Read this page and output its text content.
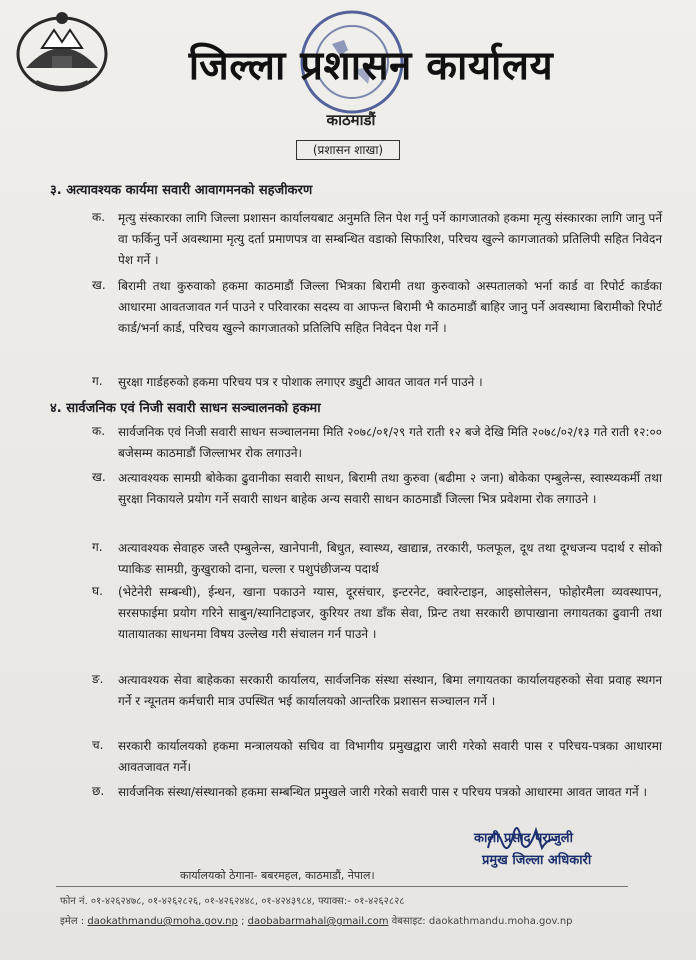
जिल्ला प्रशासन कार्यालय
काठमाडौं
(प्रशासन शाखा)
३. अत्यावश्यक कार्यमा सवारी आवागमनको सहजीकरण
क.	मृत्यु संस्कारका लागि जिल्ला प्रशासन कार्यालयबाट अनुमति लिन पेश गर्नु पर्ने कागजातको हकमा मृत्यु संस्कारका लागि जानु पर्ने वा फर्किनु पर्ने अवस्थामा मृत्यु दर्ता प्रमाणपत्र वा सम्बन्धित वडाको सिफारिश, परिचय खुल्ने कागजातको प्रतिलिपी सहित निवेदन पेश गर्ने ।
ख.	बिरामी तथा कुरुवाको हकमा काठमाडौं जिल्ला भित्रका बिरामी तथा कुरुवाको अस्पतालको भर्ना कार्ड वा रिपोर्ट कार्डका आधारमा आवतजावत गर्न पाउने र परिवारका सदस्य वा आफन्त बिरामी भै काठमाडौं बाहिर जानु पर्ने अवस्थामा बिरामीको रिपोर्ट कार्ड/भर्ना कार्ड, परिचय खुल्ने कागजातको प्रतिलिपि सहित निवेदन पेश गर्ने ।
ग.	सुरक्षा गार्डहरुको हकमा परिचय पत्र र पोशाक लगाएर ड्युटी आवत जावत गर्न पाउने ।
४. सार्वजनिक एवं निजी सवारी साधन सञ्चालनको हकमा
क.	सार्वजनिक एवं निजी सवारी साधन सञ्चालनमा मिति २०७८/०१/२९ गते राती १२ बजे देखि मिति २०७८/०२/१३ गते राती १२:०० बजेसम्म काठमाडौं जिल्लाभर रोक लगाउने।
ख.	अत्यावश्यक सामग्री बोकेका ढुवानीका सवारी साधन, बिरामी तथा कुरुवा (बढीमा २ जना) बोकेका एम्बुलेन्स, स्वास्थ्यकर्मी तथा सुरक्षा निकायले प्रयोग गर्ने सवारी साधन बाहेक अन्य सवारी साधन काठमाडौं जिल्ला भित्र प्रवेशमा रोक लगाउने ।
ग.	अत्यावश्यक सेवाहरु जस्तै एम्बुलेन्स, खानेपानी, बिधुत, स्वास्थ्य, खाद्यान्न, तरकारी, फलफूल, दूध तथा दूग्धजन्य पदार्थ र सोको प्याकिङ सामग्री, कुखुराको दाना, चल्ला र पशुपंछीजन्य पदार्थ
घ.	(भेटेनेरी सम्बन्धी), ईन्धन, खाना पकाउने ग्यास, दूरसंचार, इन्टरनेट, क्वारेन्टाइन, आइसोलेसन, फोहोरमैला व्यवस्थापन, सरसफाईमा प्रयोग गरिने साबुन/स्यानिटाइजर, कुरियर तथा डाँक सेवा, प्रिन्ट तथा सरकारी छापाखाना लगायतका ढुवानी तथा यातायातका साधनमा विषय उल्लेख गरी संचालन गर्न पाउने ।
ङ.	अत्यावश्यक सेवा बाहेकका सरकारी कार्यालय, सार्वजनिक संस्था संस्थान, बिमा लगायतका कार्यालयहरुको सेवा प्रवाह स्थगन गर्ने र न्यूनतम कर्मचारी मात्र उपस्थित भई कार्यालयको आन्तरिक प्रशासन सञ्चालन गर्ने ।
च.	सरकारी कार्यालयको हकमा मन्त्रालयको सचिव वा विभागीय प्रमुखद्वारा जारी गरेको सवारी पास र परिचय-पत्रका आधारमा आवतजावत गर्ने।
छ.	सार्वजनिक संस्था/संस्थानको हकमा सम्बन्धित प्रमुखले जारी गरेको सवारी पास र परिचय पत्रको आधारमा आवत जावत गर्ने ।
काली प्रसाद पराजुली
प्रमुख जिल्ला अधिकारी
कार्यालयको ठेगाना- बबरमहल, काठमाडौं, नेपाल।
फोन नं. ०१-४२६२४७८, ०१-४२६२८२६, ०१-४२६२४४८, ०१-४२४३९८४, फ्याक्स:- ०१-४२६२८२८
इमेल : daokathmandu@moha.gov.np ; daobabarmahal@gmail.com वेबसाइट: daokathmandu.moha.gov.np
